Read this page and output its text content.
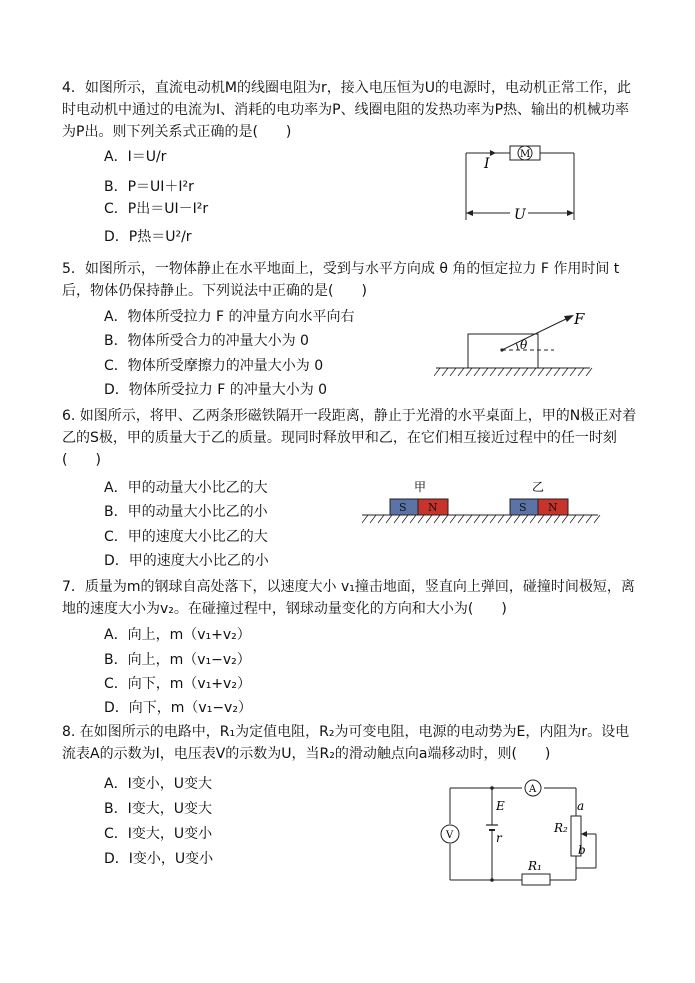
4．如图所示，直流电动机M的线圈电阻为r，接入电压恒为U的电源时，电动机正常工作，此时电动机中通过的电流为I、消耗的电功率为P、线圈电阻的发热功率为P热、输出的机械功率为P出。则下列关系式正确的是(　　)
A．I＝U/r
B．P＝UI＋I²r
C．P出＝UI－I²r
D．P热＝U²/r
M
I
U
5．如图所示，一物体静止在水平地面上，受到与水平方向成 θ 角的恒定拉力 F 作用时间 t 后，物体仍保持静止。下列说法中正确的是(　　)
A．物体所受拉力 F 的冲量方向水平向右
B．物体所受合力的冲量大小为 0
C．物体所受摩擦力的冲量大小为 0
D．物体所受拉力 F 的冲量大小为 0
θ
F
6. 如图所示，将甲、乙两条形磁铁隔开一段距离，静止于光滑的水平桌面上，甲的N极正对着乙的S极，甲的质量大于乙的质量。现同时释放甲和乙，在它们相互接近过程中的任一时刻(　　)
A．甲的动量大小比乙的大
B．甲的动量大小比乙的小
C．甲的速度大小比乙的大
D．甲的速度大小比乙的小
甲	乙
S N	S N
7．质量为m的钢球自高处落下，以速度大小 v₁撞击地面，竖直向上弹回，碰撞时间极短，离地的速度大小为v₂。在碰撞过程中，钢球动量变化的方向和大小为(　　)
A．向上，m（v₁+v₂）
B．向上，m（v₁−v₂）
C．向下，m（v₁+v₂）
D．向下，m（v₁−v₂）
8. 在如图所示的电路中，R₁为定值电阻，R₂为可变电阻，电源的电动势为E，内阻为r。设电流表A的示数为I，电压表V的示数为U，当R₂的滑动触点向a端移动时，则(　　)
A．I变小，U变大
B．I变大，U变大
C．I变大，U变小
D．I变小，U变小
A
V
E
r
R₁
R₂
a
b
